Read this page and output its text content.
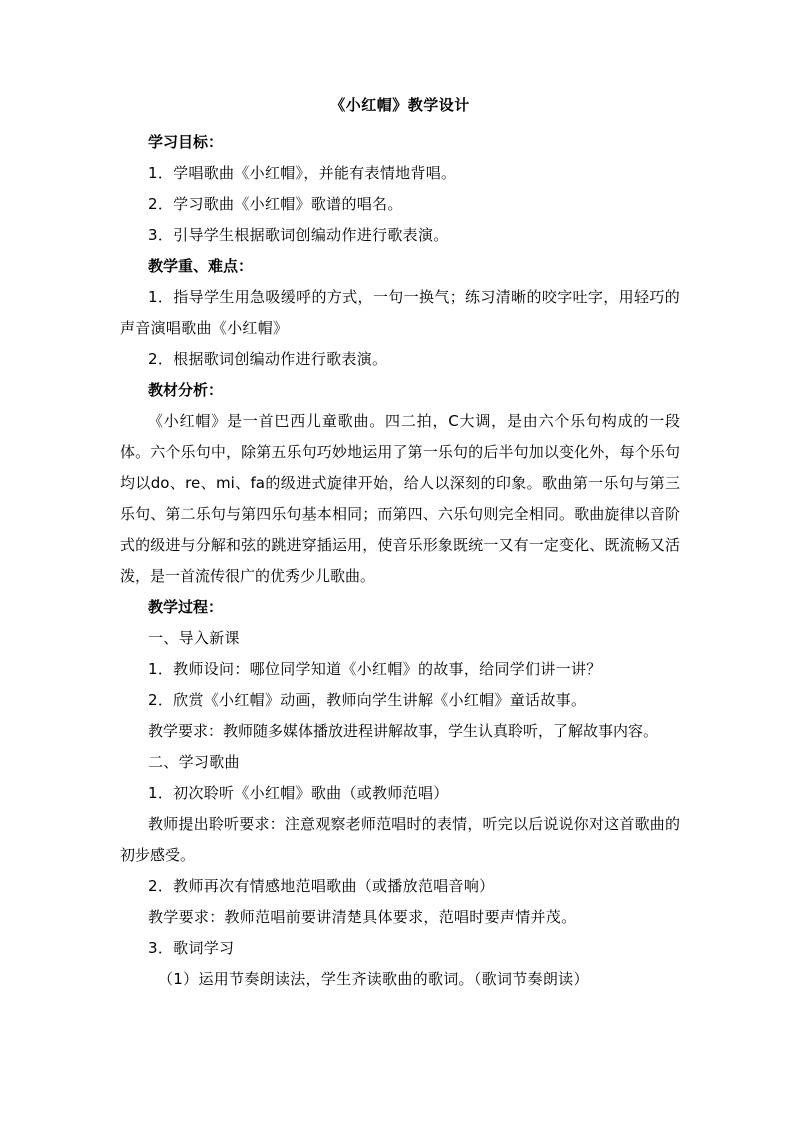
《小红帽》教学设计

学习目标：

1．学唱歌曲《小红帽》，并能有表情地背唱。

2．学习歌曲《小红帽》歌谱的唱名。

3．引导学生根据歌词创编动作进行歌表演。

教学重、难点：

1．指导学生用急吸缓呼的方式，一句一换气；练习清晰的咬字吐字，用轻巧的声音演唱歌曲《小红帽》

2．根据歌词创编动作进行歌表演。

教材分析：

《小红帽》是一首巴西儿童歌曲。四二拍，C大调，是由六个乐句构成的一段体。六个乐句中，除第五乐句巧妙地运用了第一乐句的后半句加以变化外，每个乐句均以do、re、mi、fa的级进式旋律开始，给人以深刻的印象。歌曲第一乐句与第三乐句、第二乐句与第四乐句基本相同；而第四、六乐句则完全相同。歌曲旋律以音阶式的级进与分解和弦的跳进穿插运用，使音乐形象既统一又有一定变化、既流畅又活泼，是一首流传很广的优秀少儿歌曲。

教学过程：

一、导入新课

1．教师设问：哪位同学知道《小红帽》的故事，给同学们讲一讲？

2．欣赏《小红帽》动画，教师向学生讲解《小红帽》童话故事。

教学要求：教师随多媒体播放进程讲解故事，学生认真聆听，了解故事内容。

二、学习歌曲

1．初次聆听《小红帽》歌曲（或教师范唱）

教师提出聆听要求：注意观察老师范唱时的表情，听完以后说说你对这首歌曲的初步感受。

2．教师再次有情感地范唱歌曲（或播放范唱音响）

教学要求：教师范唱前要讲清楚具体要求，范唱时要声情并茂。

3．歌词学习

（1）运用节奏朗读法，学生齐读歌曲的歌词。（歌词节奏朗读）
